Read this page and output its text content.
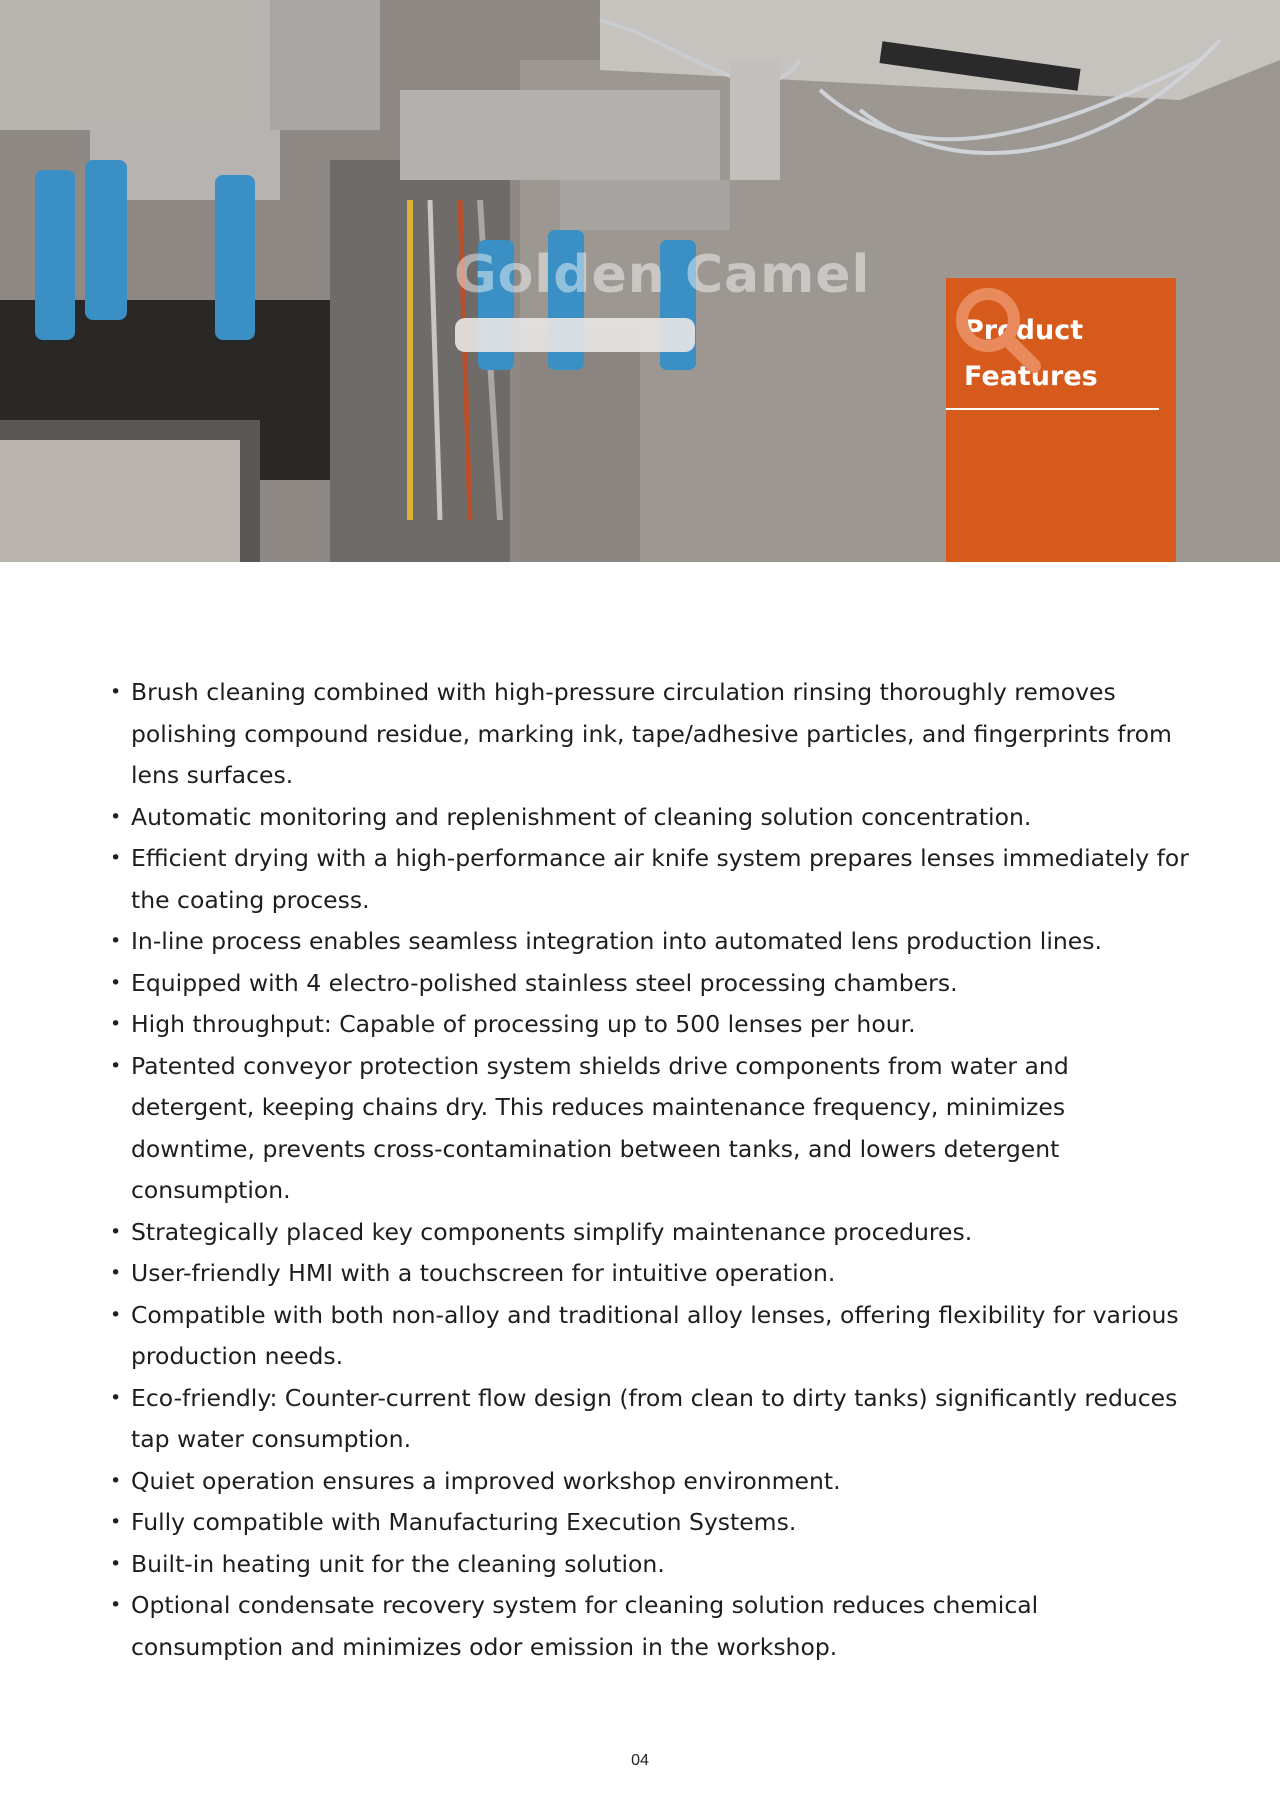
Golden Camel
Product
Features
• Brush cleaning combined with high-pressure circulation rinsing thoroughly removes polishing compound residue, marking ink, tape/adhesive particles, and fingerprints from lens surfaces.
• Automatic monitoring and replenishment of cleaning solution concentration.
• Efficient drying with a high-performance air knife system prepares lenses immediately for the coating process.
• In-line process enables seamless integration into automated lens production lines.
• Equipped with 4 electro-polished stainless steel processing chambers.
• High throughput: Capable of processing up to 500 lenses per hour.
• Patented conveyor protection system shields drive components from water and detergent, keeping chains dry. This reduces maintenance frequency, minimizes downtime, prevents cross-contamination between tanks, and lowers detergent consumption.
• Strategically placed key components simplify maintenance procedures.
• User-friendly HMI with a touchscreen for intuitive operation.
• Compatible with both non-alloy and traditional alloy lenses, offering flexibility for various production needs.
• Eco-friendly: Counter-current flow design (from clean to dirty tanks) significantly reduces tap water consumption.
• Quiet operation ensures a improved workshop environment.
• Fully compatible with Manufacturing Execution Systems.
• Built-in heating unit for the cleaning solution.
• Optional condensate recovery system for cleaning solution reduces chemical consumption and minimizes odor emission in the workshop.
04
